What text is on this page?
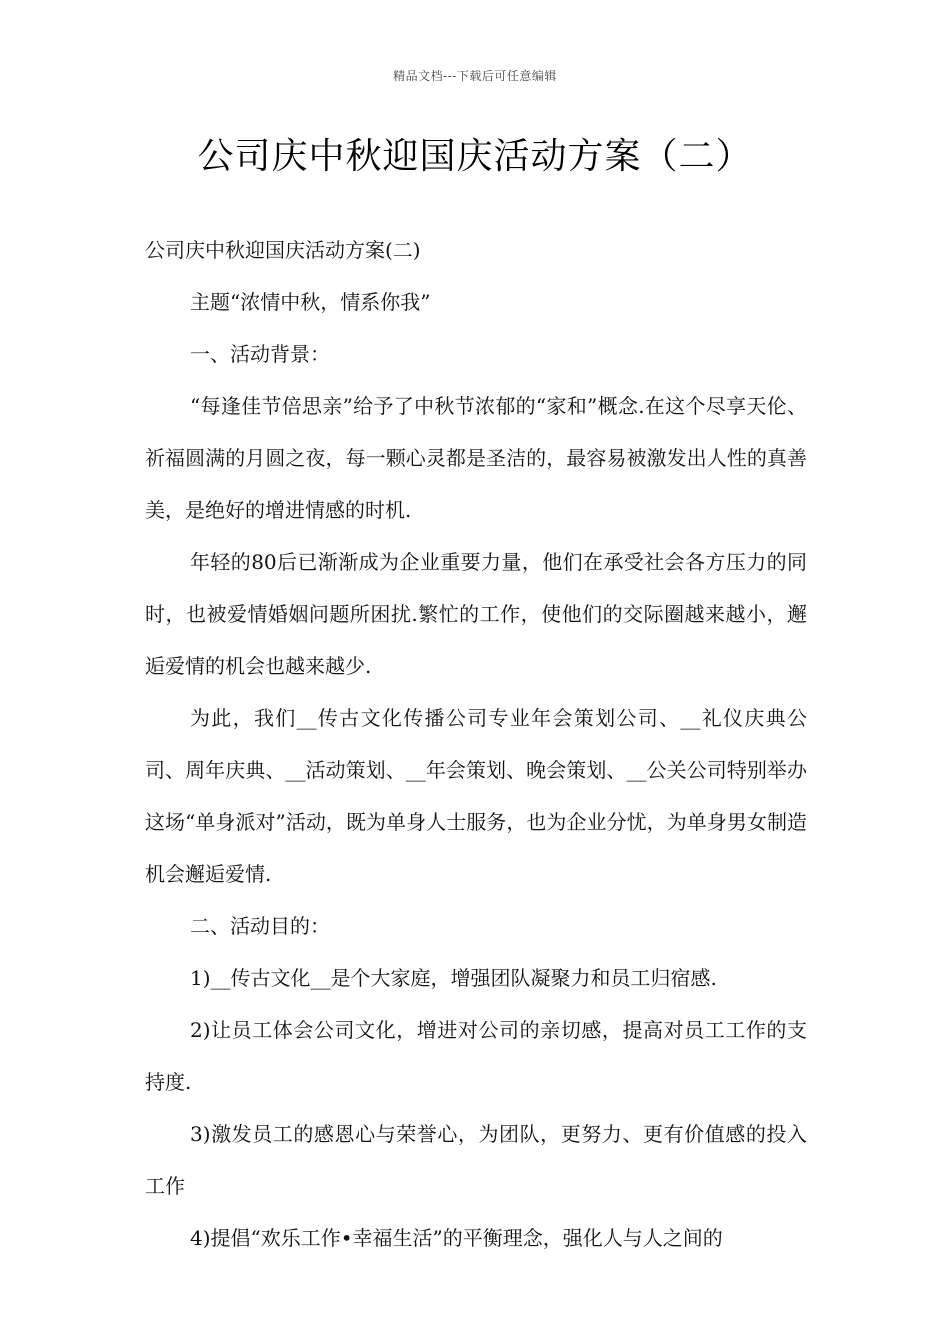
精品文档---下载后可任意编辑
公司庆中秋迎国庆活动方案（二）

公司庆中秋迎国庆活动方案(二)

主题“浓情中秋，情系你我”

一、活动背景：

“每逢佳节倍思亲”给予了中秋节浓郁的“家和”概念.在这个尽享天伦、祈福圆满的月圆之夜，每一颗心灵都是圣洁的，最容易被激发出人性的真善美，是绝好的增进情感的时机.

年轻的80后已渐渐成为企业重要力量，他们在承受社会各方压力的同时，也被爱情婚姻问题所困扰.繁忙的工作，使他们的交际圈越来越小，邂逅爱情的机会也越来越少.

为此，我们__传古文化传播公司专业年会策划公司、__礼仪庆典公司、周年庆典、__活动策划、__年会策划、晚会策划、__公关公司特别举办这场“单身派对”活动，既为单身人士服务，也为企业分忧，为单身男女制造机会邂逅爱情.

二、活动目的：

1)__传古文化__是个大家庭，增强团队凝聚力和员工归宿感.

2)让员工体会公司文化，增进对公司的亲切感，提高对员工工作的支持度.

3)激发员工的感恩心与荣誉心，为团队，更努力、更有价值感的投入工作

4)提倡“欢乐工作•幸福生活”的平衡理念，强化人与人之间的
